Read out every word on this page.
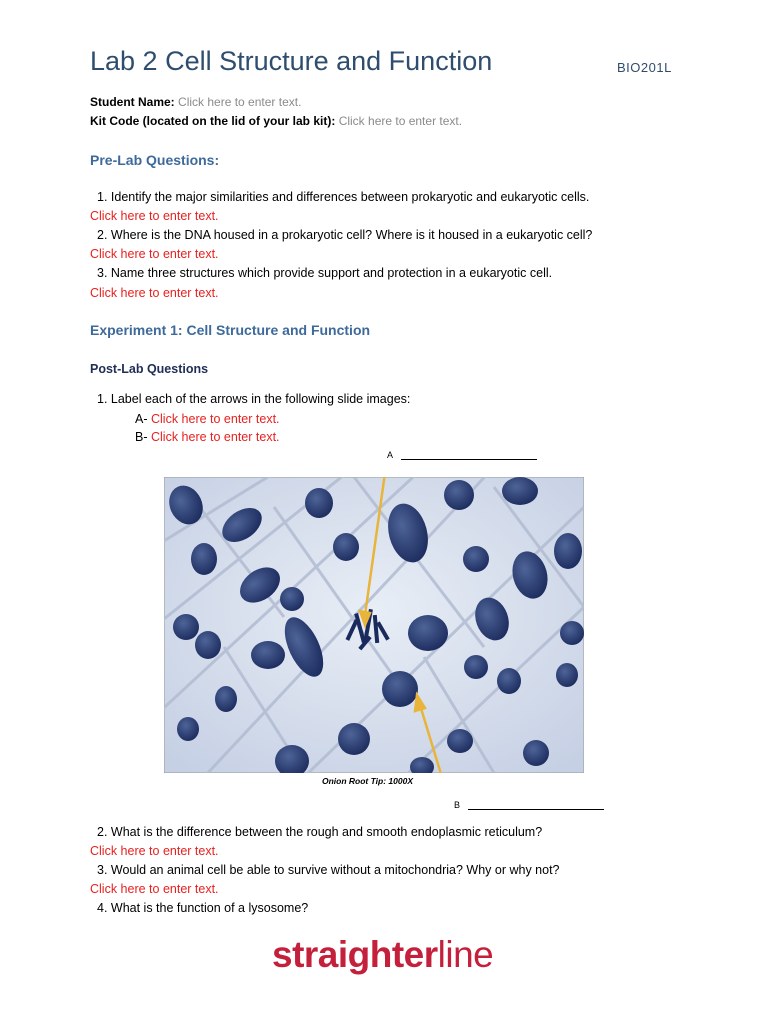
Lab 2 Cell Structure and Function	BIO201L
Student Name: Click here to enter text.
Kit Code (located on the lid of your lab kit): Click here to enter text.
Pre-Lab Questions:
1. Identify the major similarities and differences between prokaryotic and eukaryotic cells.
Click here to enter text.
2. Where is the DNA housed in a prokaryotic cell? Where is it housed in a eukaryotic cell?
Click here to enter text.
3. Name three structures which provide support and protection in a eukaryotic cell.
Click here to enter text.
Experiment 1: Cell Structure and Function
Post-Lab Questions
1. Label each of the arrows in the following slide images:
A- Click here to enter text.
B- Click here to enter text.
A
Onion Root Tip: 1000X
B
2. What is the difference between the rough and smooth endoplasmic reticulum?
Click here to enter text.
3. Would an animal cell be able to survive without a mitochondria? Why or why not?
Click here to enter text.
4. What is the function of a lysosome?
straighterline
